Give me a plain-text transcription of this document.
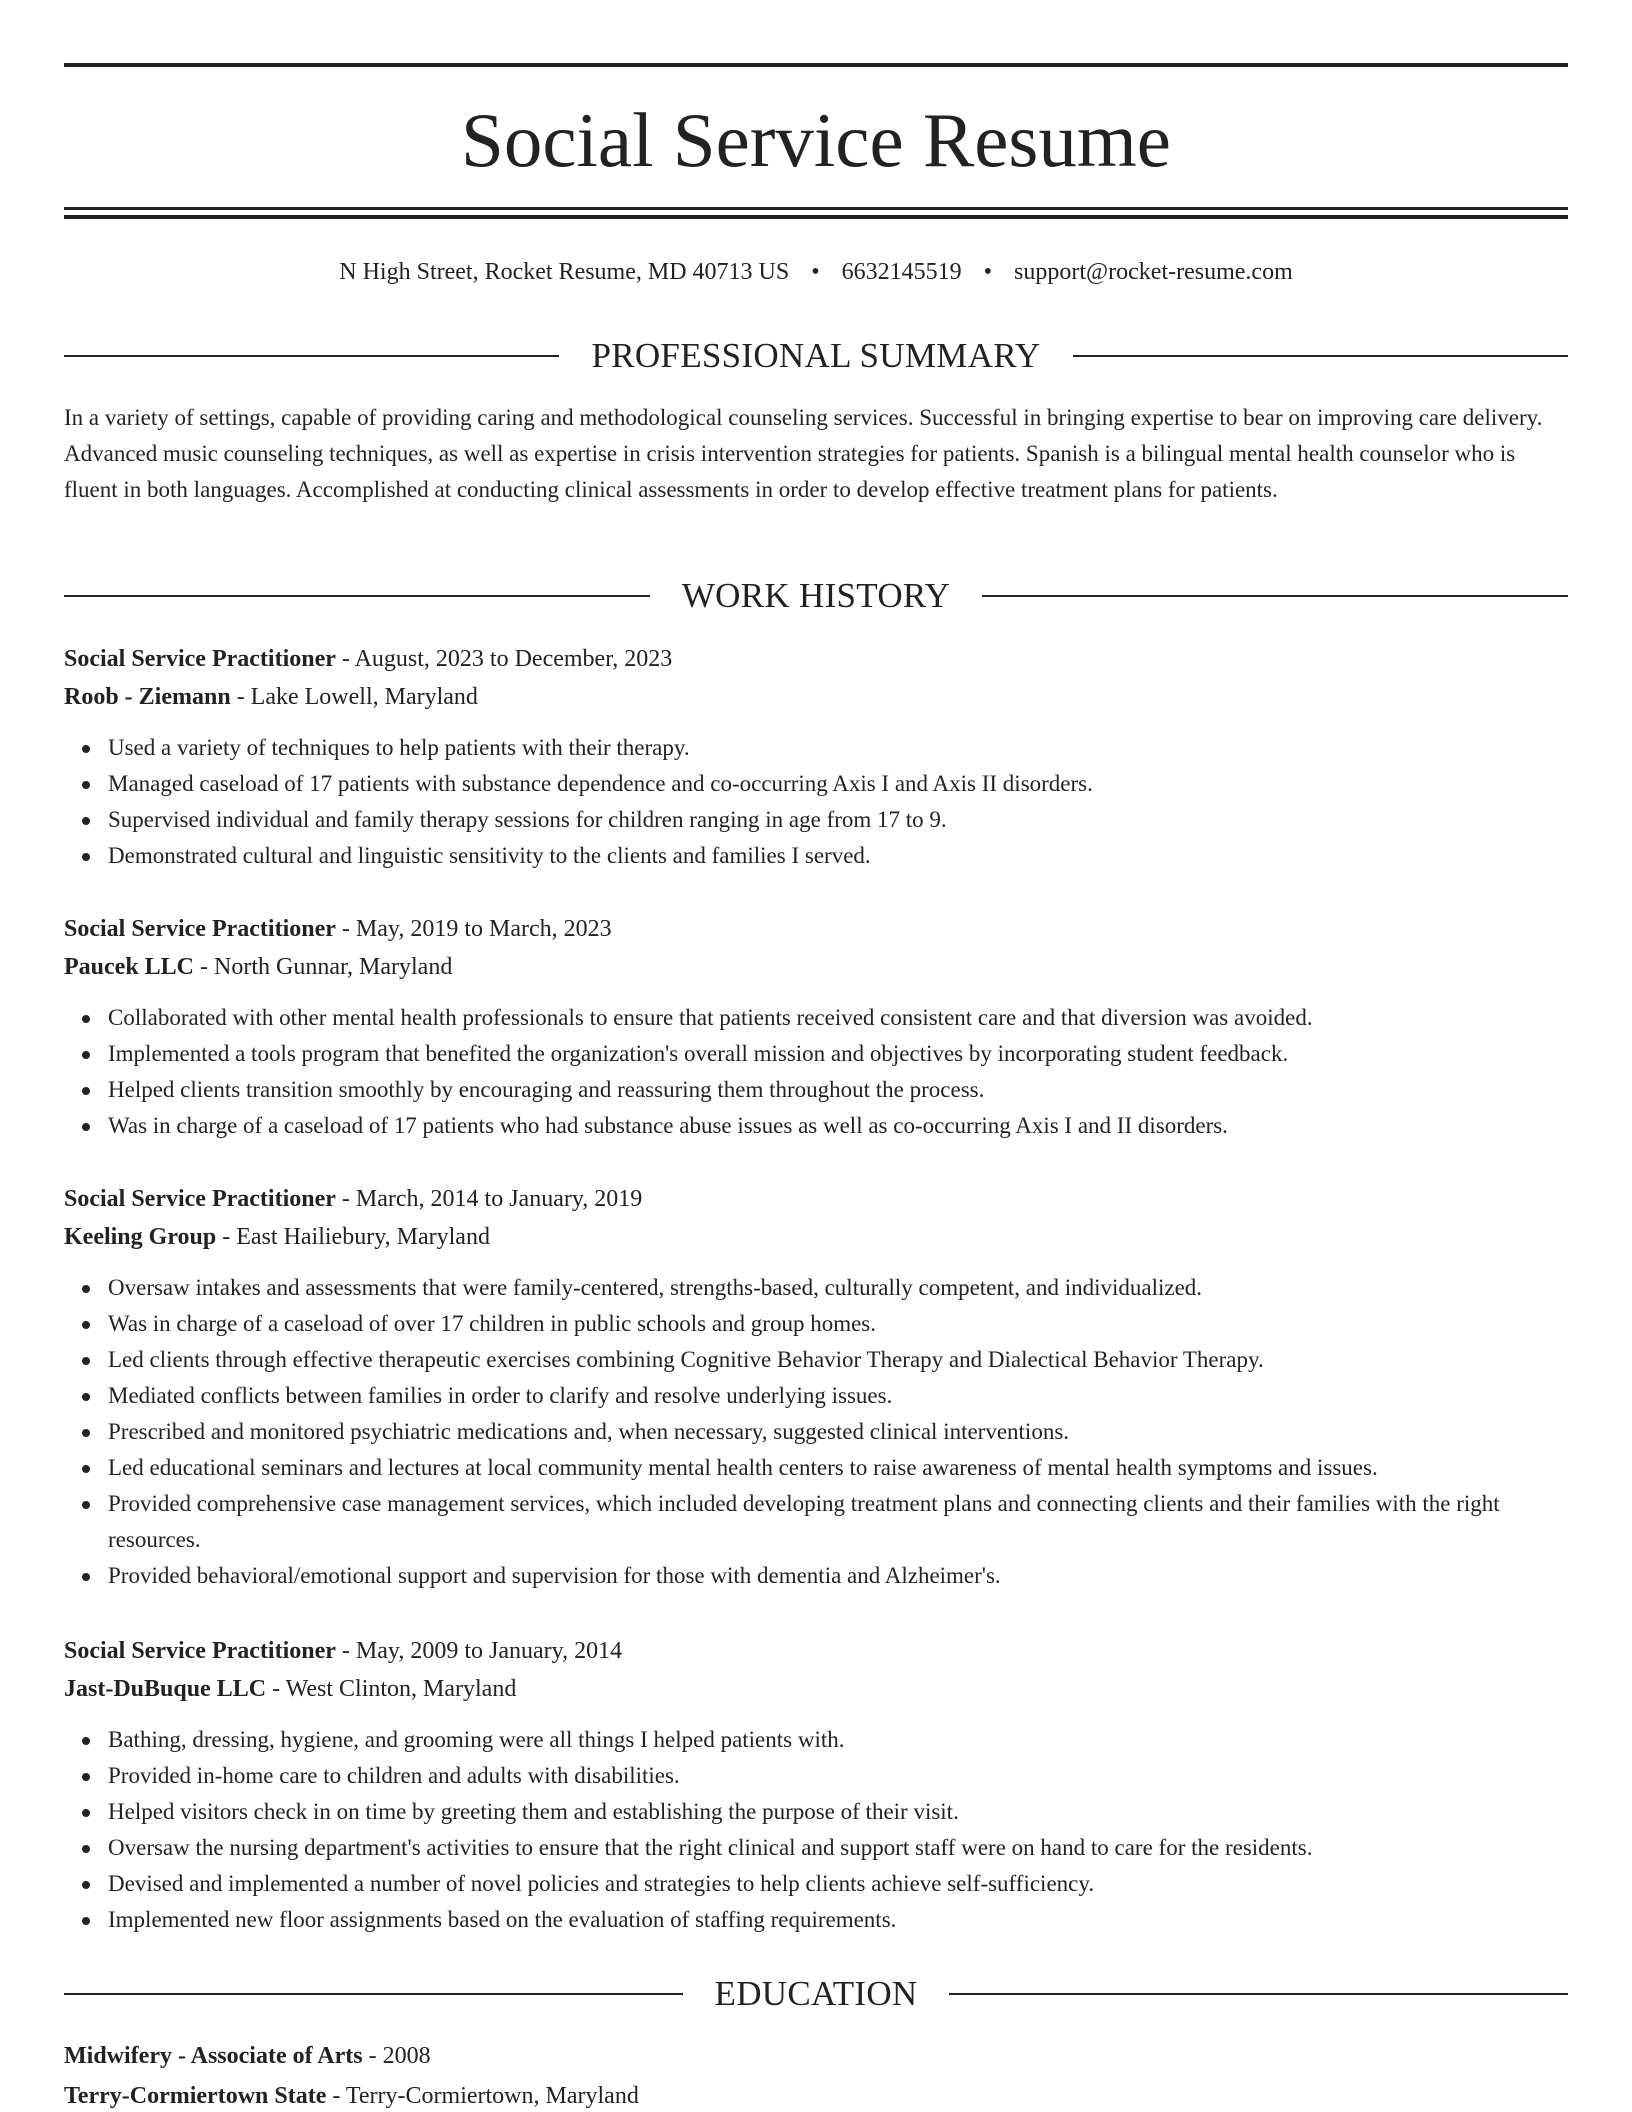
Social Service Resume
N High Street, Rocket Resume, MD 40713 US • 6632145519 • support@rocket-resume.com
PROFESSIONAL SUMMARY

In a variety of settings, capable of providing caring and methodological counseling services. Successful in bringing expertise to bear on improving care delivery. Advanced music counseling techniques, as well as expertise in crisis intervention strategies for patients. Spanish is a bilingual mental health counselor who is fluent in both languages. Accomplished at conducting clinical assessments in order to develop effective treatment plans for patients.

WORK HISTORY
Social Service Practitioner - August, 2023 to December, 2023
Roob - Ziemann - Lake Lowell, Maryland
Used a variety of techniques to help patients with their therapy.
Managed caseload of 17 patients with substance dependence and co-occurring Axis I and Axis II disorders.
Supervised individual and family therapy sessions for children ranging in age from 17 to 9.
Demonstrated cultural and linguistic sensitivity to the clients and families I served.
Social Service Practitioner - May, 2019 to March, 2023
Paucek LLC - North Gunnar, Maryland
Collaborated with other mental health professionals to ensure that patients received consistent care and that diversion was avoided.
Implemented a tools program that benefited the organization's overall mission and objectives by incorporating student feedback.
Helped clients transition smoothly by encouraging and reassuring them throughout the process.
Was in charge of a caseload of 17 patients who had substance abuse issues as well as co-occurring Axis I and II disorders.
Social Service Practitioner - March, 2014 to January, 2019
Keeling Group - East Hailiebury, Maryland
Oversaw intakes and assessments that were family-centered, strengths-based, culturally competent, and individualized.
Was in charge of a caseload of over 17 children in public schools and group homes.
Led clients through effective therapeutic exercises combining Cognitive Behavior Therapy and Dialectical Behavior Therapy.
Mediated conflicts between families in order to clarify and resolve underlying issues.
Prescribed and monitored psychiatric medications and, when necessary, suggested clinical interventions.
Led educational seminars and lectures at local community mental health centers to raise awareness of mental health symptoms and issues.
Provided comprehensive case management services, which included developing treatment plans and connecting clients and their families with the right resources.
Provided behavioral/emotional support and supervision for those with dementia and Alzheimer's.
Social Service Practitioner - May, 2009 to January, 2014
Jast-DuBuque LLC - West Clinton, Maryland
Bathing, dressing, hygiene, and grooming were all things I helped patients with.
Provided in-home care to children and adults with disabilities.
Helped visitors check in on time by greeting them and establishing the purpose of their visit.
Oversaw the nursing department's activities to ensure that the right clinical and support staff were on hand to care for the residents.
Devised and implemented a number of novel policies and strategies to help clients achieve self-sufficiency.
Implemented new floor assignments based on the evaluation of staffing requirements.
EDUCATION
Midwifery - Associate of Arts - 2008
Terry-Cormiertown State - Terry-Cormiertown, Maryland
